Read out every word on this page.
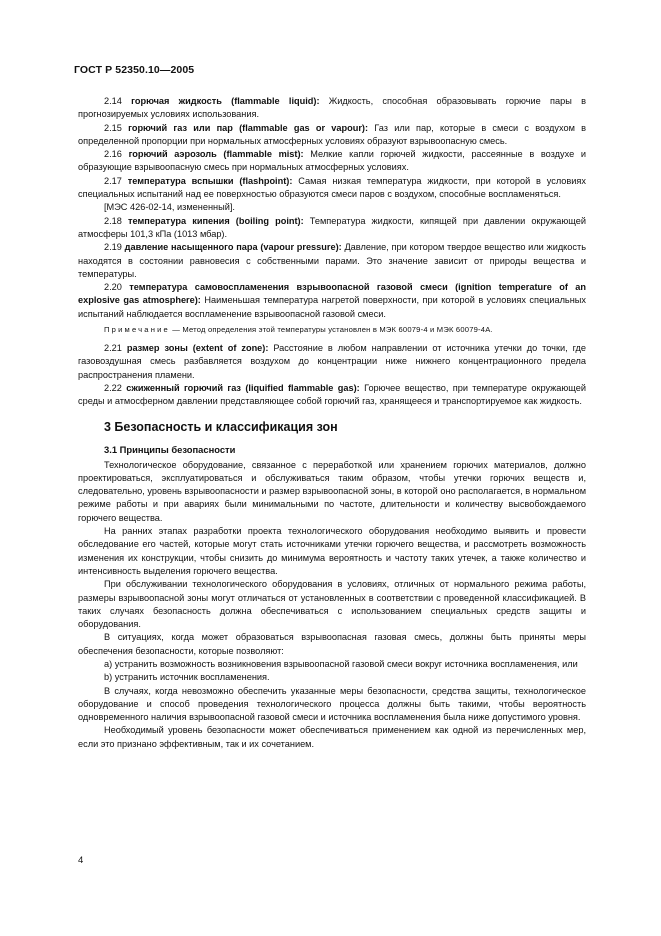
ГОСТ Р 52350.10—2005

2.14 горючая жидкость (flammable liquid): Жидкость, способная образовывать горючие пары в прогнозируемых условиях использования.

2.15 горючий газ или пар (flammable gas or vapour): Газ или пар, которые в смеси с воздухом в определенной пропорции при нормальных атмосферных условиях образуют взрывоопасную смесь.

2.16 горючий аэрозоль (flammable mist): Мелкие капли горючей жидкости, рассеянные в воздухе и образующие взрывоопасную смесь при нормальных атмосферных условиях.

2.17 температура вспышки (flashpoint): Самая низкая температура жидкости, при которой в условиях специальных испытаний над ее поверхностью образуются смеси паров с воздухом, способные воспламеняться.

[МЭС 426-02-14, измененный].

2.18 температура кипения (boiling point): Температура жидкости, кипящей при давлении окружающей атмосферы 101,3 кПа (1013 мбар).

2.19 давление насыщенного пара (vapour pressure): Давление, при котором твердое вещество или жидкость находятся в состоянии равновесия с собственными парами. Это значение зависит от природы вещества и температуры.

2.20 температура самовоспламенения взрывоопасной газовой смеси (ignition temperature of an explosive gas atmosphere): Наименьшая температура нагретой поверхности, при которой в условиях специальных испытаний наблюдается воспламенение взрывоопасной газовой смеси.

Примечание — Метод определения этой температуры установлен в МЭК 60079-4 и МЭК 60079-4А.

2.21 размер зоны (extent of zone): Расстояние в любом направлении от источника утечки до точки, где газовоздушная смесь разбавляется воздухом до концентрации ниже нижнего концентрационного предела распространения пламени.

2.22 сжиженный горючий газ (liquified flammable gas): Горючее вещество, при температуре окружающей среды и атмосферном давлении представляющее собой горючий газ, хранящееся и транспортируемое как жидкость.

3 Безопасность и классификация зон
3.1 Принципы безопасности

Технологическое оборудование, связанное с переработкой или хранением горючих материалов, должно проектироваться, эксплуатироваться и обслуживаться таким образом, чтобы утечки горючих веществ и, следовательно, уровень взрывоопасности и размер взрывоопасной зоны, в которой оно располагается, в нормальном режиме работы и при авариях были минимальными по частоте, длительности и количеству высвобождаемого горючего вещества.

На ранних этапах разработки проекта технологического оборудования необходимо выявить и провести обследование его частей, которые могут стать источниками утечки горючего вещества, и рассмотреть возможность изменения их конструкции, чтобы снизить до минимума вероятность и частоту таких утечек, а также количество и интенсивность выделения горючего вещества.

При обслуживании технологического оборудования в условиях, отличных от нормального режима работы, размеры взрывоопасной зоны могут отличаться от установленных в соответствии с проведенной классификацией. В таких случаях безопасность должна обеспечиваться с использованием специальных средств защиты и оборудования.

В ситуациях, когда может образоваться взрывоопасная газовая смесь, должны быть приняты меры обеспечения безопасности, которые позволяют:

a) устранить возможность возникновения взрывоопасной газовой смеси вокруг источника воспламенения, или

b) устранить источник воспламенения.

В случаях, когда невозможно обеспечить указанные меры безопасности, средства защиты, технологическое оборудование и способ проведения технологического процесса должны быть такими, чтобы вероятность одновременного наличия взрывоопасной газовой смеси и источника воспламенения была ниже допустимого уровня.

Необходимый уровень безопасности может обеспечиваться применением как одной из перечисленных мер, если это признано эффективным, так и их сочетанием.

4
